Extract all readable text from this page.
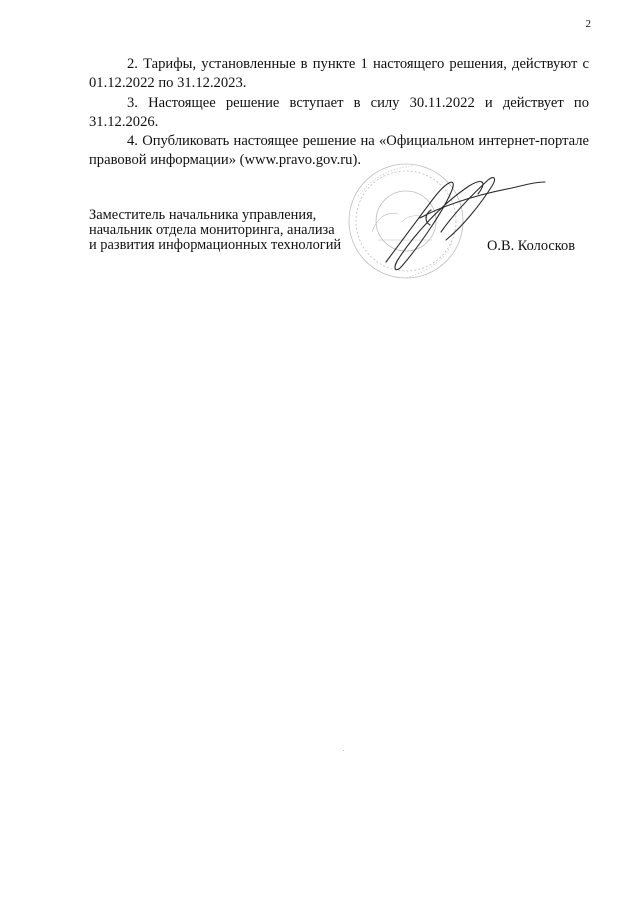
2

2. Тарифы, установленные в пункте 1 настоящего решения, действуют с 01.12.2022 по 31.12.2023.

3. Настоящее решение вступает в силу 30.11.2022 и действует по 31.12.2026.

4. Опубликовать настоящее решение на «Официальном интернет-портале правовой информации» (www.pravo.gov.ru).

Заместитель начальника управления,
начальник отдела мониторинга, анализа
и развития информационных технологий	О.В. Колосков
